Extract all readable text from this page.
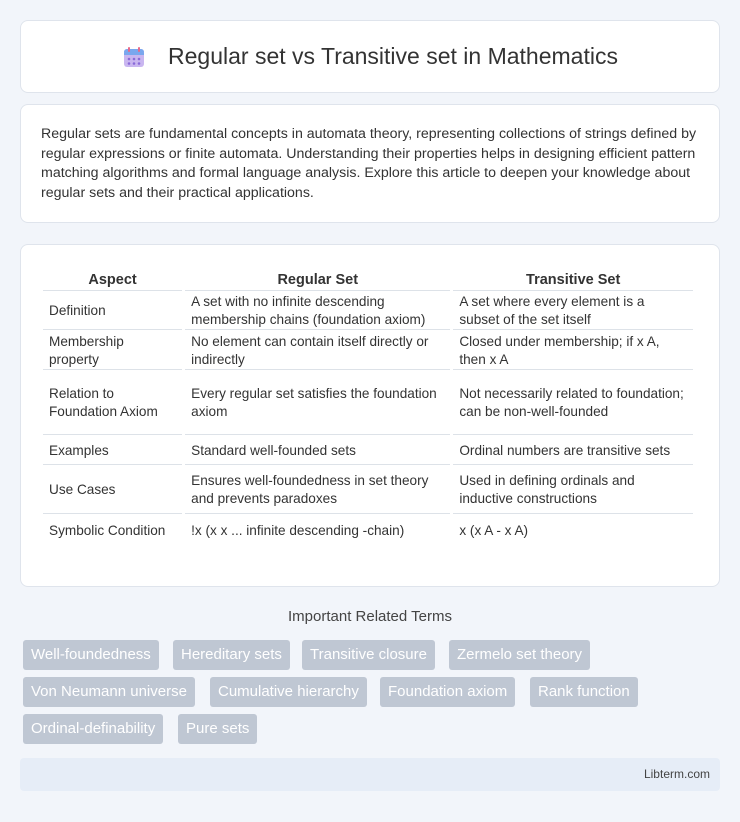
Regular set vs Transitive set in Mathematics

Regular sets are fundamental concepts in automata theory, representing collections of strings defined by regular expressions or finite automata. Understanding their properties helps in designing efficient pattern matching algorithms and formal language analysis. Explore this article to deepen your knowledge about regular sets and their practical applications.

Aspect	Regular Set	Transitive Set
Definition	A set with no infinite descending membership chains (foundation axiom)	A set where every element is a subset of the set itself
Membership property	No element can contain itself directly or indirectly	Closed under membership; if x A, then x A
Relation to Foundation Axiom	Every regular set satisfies the foundation axiom	Not necessarily related to foundation; can be non-well-founded
Examples	Standard well-founded sets	Ordinal numbers are transitive sets
Use Cases	Ensures well-foundedness in set theory and prevents paradoxes	Used in defining ordinals and inductive constructions
Symbolic Condition	!x (x x ... infinite descending -chain)	x (x A - x A)
Important Related Terms
Well-foundedness	Hereditary sets	Transitive closure	Zermelo set theory
Von Neumann universe	Cumulative hierarchy	Foundation axiom	Rank function
Ordinal-definability	Pure sets
Libterm.com
